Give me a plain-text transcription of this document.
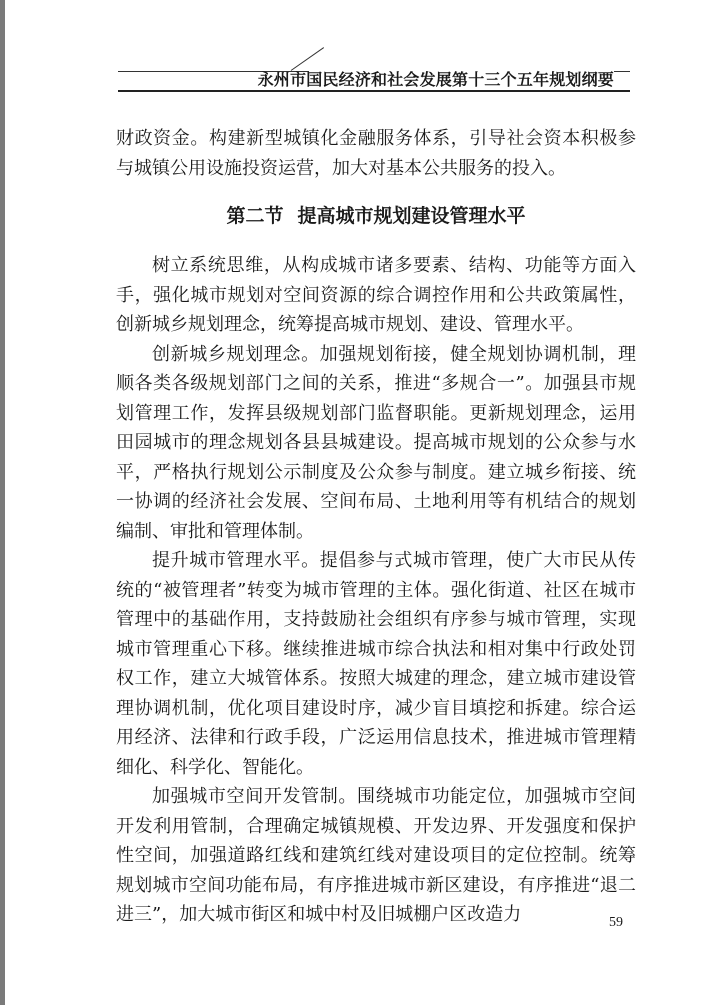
永州市国民经济和社会发展第十三个五年规划纲要

财政资金。构建新型城镇化金融服务体系，引导社会资本积极参与城镇公用设施投资运营，加大对基本公共服务的投入。

第二节 提高城市规划建设管理水平

树立系统思维，从构成城市诸多要素、结构、功能等方面入手，强化城市规划对空间资源的综合调控作用和公共政策属性，创新城乡规划理念，统筹提高城市规划、建设、管理水平。

创新城乡规划理念。加强规划衔接，健全规划协调机制，理顺各类各级规划部门之间的关系，推进“多规合一”。加强县市规划管理工作，发挥县级规划部门监督职能。更新规划理念，运用田园城市的理念规划各县县城建设。提高城市规划的公众参与水平，严格执行规划公示制度及公众参与制度。建立城乡衔接、统一协调的经济社会发展、空间布局、土地利用等有机结合的规划编制、审批和管理体制。

提升城市管理水平。提倡参与式城市管理，使广大市民从传统的“被管理者”转变为城市管理的主体。强化街道、社区在城市管理中的基础作用，支持鼓励社会组织有序参与城市管理，实现城市管理重心下移。继续推进城市综合执法和相对集中行政处罚权工作，建立大城管体系。按照大城建的理念，建立城市建设管理协调机制，优化项目建设时序，减少盲目填挖和拆建。综合运用经济、法律和行政手段，广泛运用信息技术，推进城市管理精细化、科学化、智能化。

加强城市空间开发管制。围绕城市功能定位，加强城市空间开发利用管制，合理确定城镇规模、开发边界、开发强度和保护性空间，加强道路红线和建筑红线对建设项目的定位控制。统筹规划城市空间功能布局，有序推进城市新区建设，有序推进“退二进三”，加大城市街区和城中村及旧城棚户区改造力	59
